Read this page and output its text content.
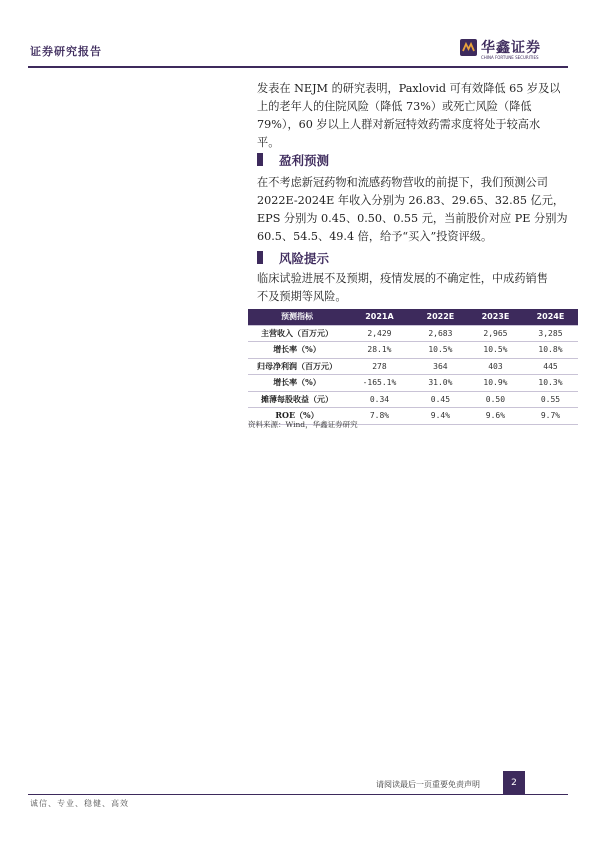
证券研究报告	华鑫证券
CHINA FORTUNE SECURITIES
发表在 NEJM 的研究表明，Paxlovid 可有效降低 65 岁及以
上的老年人的住院风险（降低 73%）或死亡风险（降低
79%），60 岁以上人群对新冠特效药需求度将处于较高水
平。
盈利预测
在不考虑新冠药物和流感药物营收的前提下，我们预测公司
2022E-2024E 年收入分别为 26.83、29.65、32.85 亿元，
EPS 分别为 0.45、0.50、0.55 元，当前股价对应 PE 分别为
60.5、54.5、49.4 倍，给予“买入”投资评级。
风险提示
临床试验进展不及预期，疫情发展的不确定性，中成药销售
不及预期等风险。
预测指标	2021A	2022E	2023E	2024E
主营收入（百万元）	2,429	2,683	2,965	3,285
增长率（%）	28.1%	10.5%	10.5%	10.8%
归母净利润（百万元）	278	364	403	445
增长率（%）	-165.1%	31.0%	10.9%	10.3%
摊薄每股收益（元）	0.34	0.45	0.50	0.55
ROE（%）	7.8%	9.4%	9.6%	9.7%
资料来源：Wind，华鑫证券研究
请阅读最后一页重要免责声明	2
诚信、专业、稳健、高效
